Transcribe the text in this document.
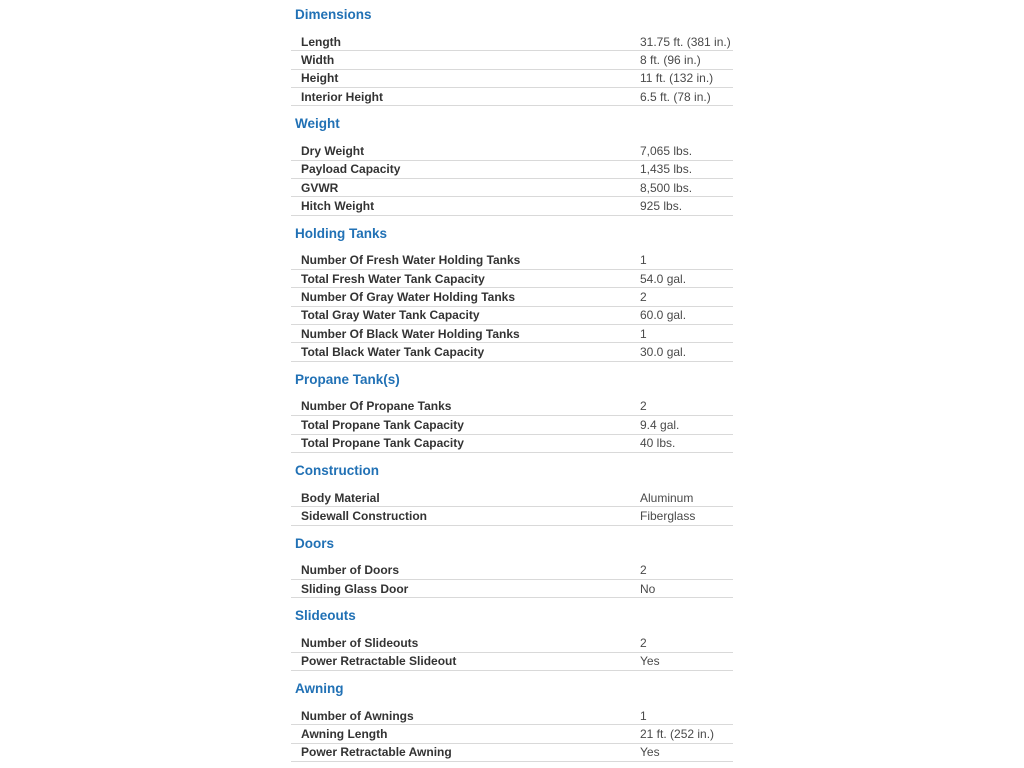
Dimensions
Length	31.75 ft. (381 in.)
Width	8 ft. (96 in.)
Height	11 ft. (132 in.)
Interior Height	6.5 ft. (78 in.)
Weight
Dry Weight	7,065 lbs.
Payload Capacity	1,435 lbs.
GVWR	8,500 lbs.
Hitch Weight	925 lbs.
Holding Tanks
Number Of Fresh Water Holding Tanks	1
Total Fresh Water Tank Capacity	54.0 gal.
Number Of Gray Water Holding Tanks	2
Total Gray Water Tank Capacity	60.0 gal.
Number Of Black Water Holding Tanks	1
Total Black Water Tank Capacity	30.0 gal.
Propane Tank(s)
Number Of Propane Tanks	2
Total Propane Tank Capacity	9.4 gal.
Total Propane Tank Capacity	40 lbs.
Construction
Body Material	Aluminum
Sidewall Construction	Fiberglass
Doors
Number of Doors	2
Sliding Glass Door	No
Slideouts
Number of Slideouts	2
Power Retractable Slideout	Yes
Awning
Number of Awnings	1
Awning Length	21 ft. (252 in.)
Power Retractable Awning	Yes
